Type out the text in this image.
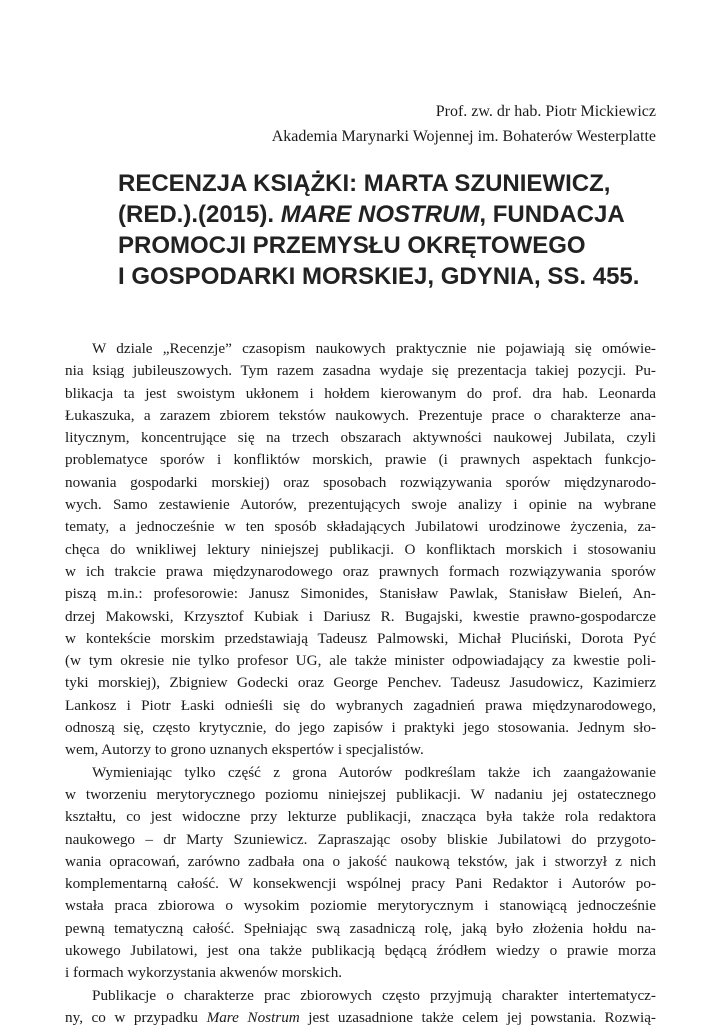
Prof. zw. dr hab. Piotr Mickiewicz
Akademia Marynarki Wojennej im. Bohaterów Westerplatte
RECENZJA KSIĄŻKI: MARTA SZUNIEWICZ,
(RED.).(2015). MARE NOSTRUM, FUNDACJA
PROMOCJI PRZEMYSŁU OKRĘTOWEGO
I GOSPODARKI MORSKIEJ, GDYNIA, SS. 455.
W dziale „Recenzje” czasopism naukowych praktycznie nie pojawiają się omówie-
nia ksiąg jubileuszowych. Tym razem zasadna wydaje się prezentacja takiej pozycji. Pu-
blikacja ta jest swoistym ukłonem i hołdem kierowanym do prof. dra hab. Leonarda
Łukaszuka, a zarazem zbiorem tekstów naukowych. Prezentuje prace o charakterze ana-
litycznym, koncentrujące się na trzech obszarach aktywności naukowej Jubilata, czyli
problematyce sporów i konfliktów morskich, prawie (i prawnych aspektach funkcjo-
nowania gospodarki morskiej) oraz sposobach rozwiązywania sporów międzynarodo-
wych. Samo zestawienie Autorów, prezentujących swoje analizy i opinie na wybrane
tematy, a jednocześnie w ten sposób składających Jubilatowi urodzinowe życzenia, za-
chęca do wnikliwej lektury niniejszej publikacji. O konfliktach morskich i stosowaniu
w ich trakcie prawa międzynarodowego oraz prawnych formach rozwiązywania sporów
piszą m.in.: profesorowie: Janusz Simonides, Stanisław Pawlak, Stanisław Bieleń, An-
drzej Makowski, Krzysztof Kubiak i Dariusz R. Bugajski, kwestie prawno-gospodarcze
w kontekście morskim przedstawiają Tadeusz Palmowski, Michał Pluciński, Dorota Pyć
(w tym okresie nie tylko profesor UG, ale także minister odpowiadający za kwestie poli-
tyki morskiej), Zbigniew Godecki oraz George Penchev. Tadeusz Jasudowicz, Kazimierz
Lankosz i Piotr Łaski odnieśli się do wybranych zagadnień prawa międzynarodowego,
odnoszą się, często krytycznie, do jego zapisów i praktyki jego stosowania. Jednym sło-
wem, Autorzy to grono uznanych ekspertów i specjalistów.
Wymieniając tylko część z grona Autorów podkreślam także ich zaangażowanie
w tworzeniu merytorycznego poziomu niniejszej publikacji. W nadaniu jej ostatecznego
kształtu, co jest widoczne przy lekturze publikacji, znacząca była także rola redaktora
naukowego – dr Marty Szuniewicz. Zapraszając osoby bliskie Jubilatowi do przygoto-
wania opracowań, zarówno zadbała ona o jakość naukową tekstów, jak i stworzył z nich
komplementarną całość. W konsekwencji wspólnej pracy Pani Redaktor i Autorów po-
wstała praca zbiorowa o wysokim poziomie merytorycznym i stanowiącą jednocześnie
pewną tematyczną całość. Spełniając swą zasadniczą rolę, jaką było złożenia hołdu na-
ukowego Jubilatowi, jest ona także publikacją będącą źródłem wiedzy o prawie morza
i formach wykorzystania akwenów morskich.
Publikacje o charakterze prac zbiorowych często przyjmują charakter intertematycz-
ny, co w przypadku Mare Nostrum jest uzasadnione także celem jej powstania. Rozwią-
